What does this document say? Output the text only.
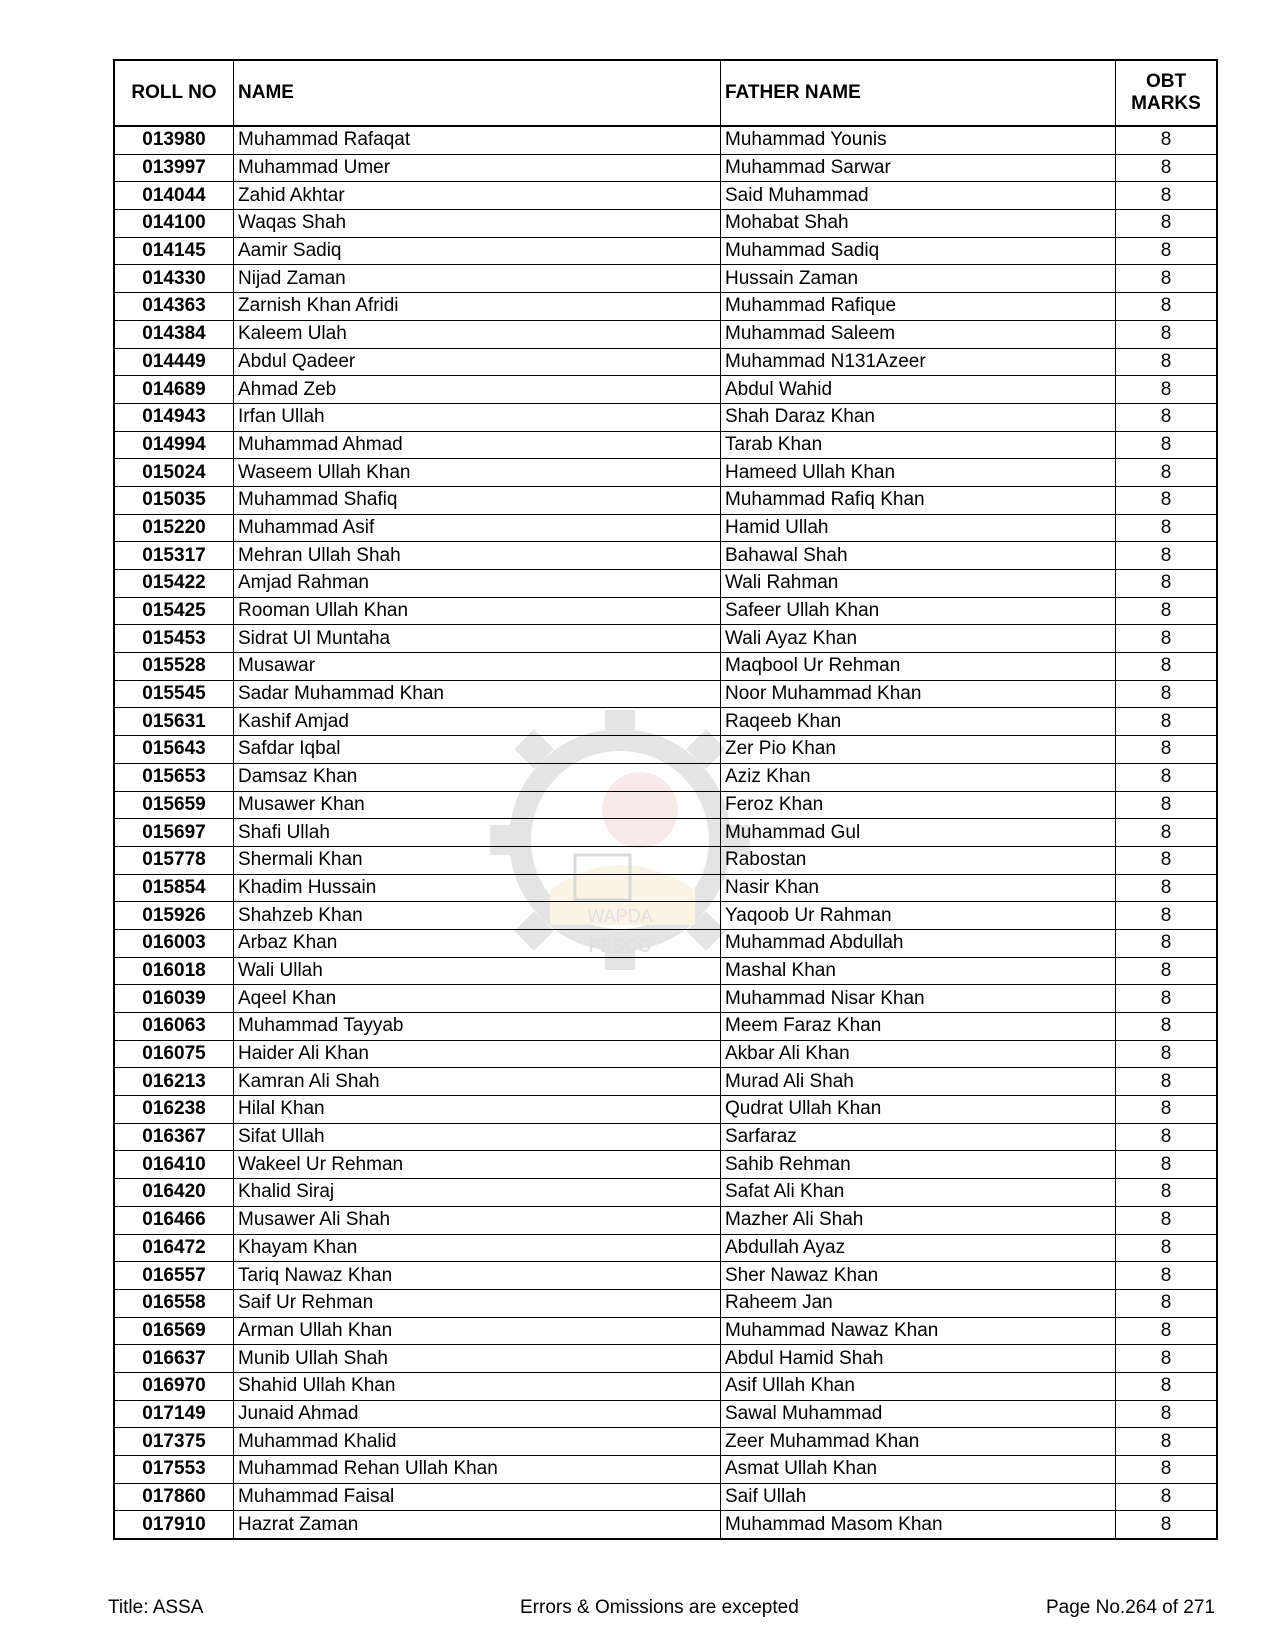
WAPDA
PESCO
ROLL NO	NAME	FATHER NAME	OBT
MARKS

013980	Muhammad Rafaqat	Muhammad Younis	8
013997	Muhammad Umer	Muhammad Sarwar	8
014044	Zahid Akhtar	Said Muhammad	8
014100	Waqas Shah	Mohabat Shah	8
014145	Aamir Sadiq	Muhammad Sadiq	8
014330	Nijad Zaman	Hussain Zaman	8
014363	Zarnish Khan Afridi	Muhammad Rafique	8
014384	Kaleem Ulah	Muhammad Saleem	8
014449	Abdul Qadeer	Muhammad N131Azeer	8
014689	Ahmad Zeb	Abdul Wahid	8
014943	Irfan Ullah	Shah Daraz Khan	8
014994	Muhammad Ahmad	Tarab Khan	8
015024	Waseem Ullah Khan	Hameed Ullah Khan	8
015035	Muhammad Shafiq	Muhammad Rafiq Khan	8
015220	Muhammad Asif	Hamid Ullah	8
015317	Mehran Ullah Shah	Bahawal Shah	8
015422	Amjad Rahman	Wali Rahman	8
015425	Rooman Ullah Khan	Safeer Ullah Khan	8
015453	Sidrat Ul Muntaha	Wali Ayaz Khan	8
015528	Musawar	Maqbool Ur Rehman	8
015545	Sadar Muhammad Khan	Noor Muhammad Khan	8
015631	Kashif Amjad	Raqeeb Khan	8
015643	Safdar Iqbal	Zer Pio Khan	8
015653	Damsaz Khan	Aziz Khan	8
015659	Musawer Khan	Feroz Khan	8
015697	Shafi Ullah	Muhammad Gul	8
015778	Shermali Khan	Rabostan	8
015854	Khadim Hussain	Nasir Khan	8
015926	Shahzeb Khan	Yaqoob Ur Rahman	8
016003	Arbaz Khan	Muhammad Abdullah	8
016018	Wali Ullah	Mashal Khan	8
016039	Aqeel Khan	Muhammad Nisar Khan	8
016063	Muhammad Tayyab	Meem Faraz Khan	8
016075	Haider Ali Khan	Akbar Ali Khan	8
016213	Kamran Ali Shah	Murad Ali Shah	8
016238	Hilal Khan	Qudrat Ullah Khan	8
016367	Sifat Ullah	Sarfaraz	8
016410	Wakeel Ur Rehman	Sahib Rehman	8
016420	Khalid Siraj	Safat Ali Khan	8
016466	Musawer Ali Shah	Mazher Ali Shah	8
016472	Khayam Khan	Abdullah Ayaz	8
016557	Tariq Nawaz Khan	Sher Nawaz Khan	8
016558	Saif Ur Rehman	Raheem Jan	8
016569	Arman Ullah Khan	Muhammad Nawaz Khan	8
016637	Munib Ullah Shah	Abdul Hamid Shah	8
016970	Shahid Ullah Khan	Asif Ullah Khan	8
017149	Junaid Ahmad	Sawal Muhammad	8
017375	Muhammad Khalid	Zeer Muhammad Khan	8
017553	Muhammad Rehan Ullah Khan	Asmat Ullah Khan	8
017860	Muhammad Faisal	Saif Ullah	8
017910	Hazrat Zaman	Muhammad Masom Khan	8
Title: ASSA	Errors & Omissions are excepted	Page No.264 of 271
